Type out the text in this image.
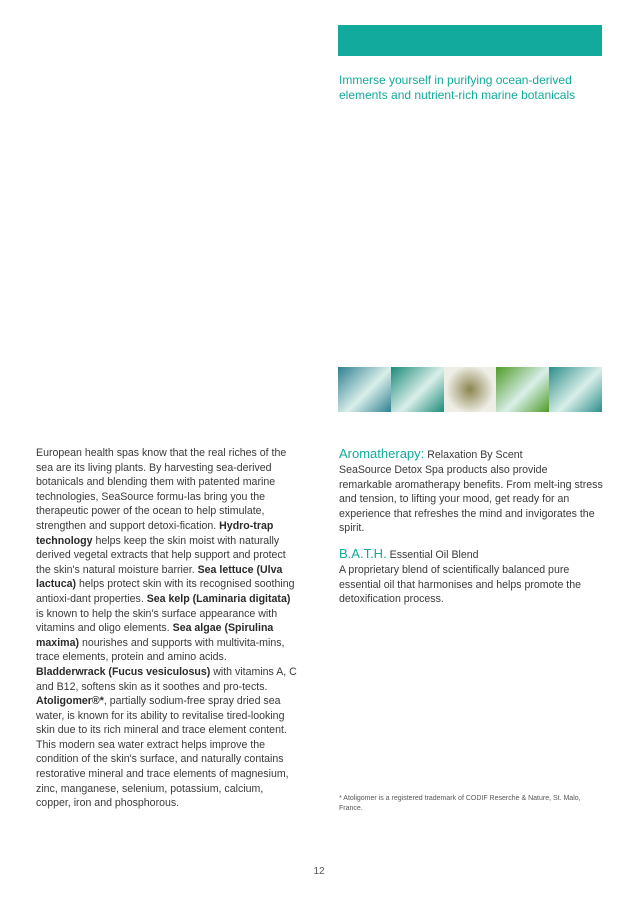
Immerse yourself in purifying ocean-derived elements and nutrient-rich marine botanicals
European health spas know that the real riches of the sea are its living plants. By harvesting sea-derived botanicals and blending them with patented marine technologies, SeaSource formu-las bring you the therapeutic power of the ocean to help stimulate, strengthen and support detoxi-fication. Hydro-trap technology helps keep the skin moist with naturally derived vegetal extracts that help support and protect the skin's natural moisture barrier. Sea lettuce (Ulva lactuca) helps protect skin with its recognised soothing antioxi-dant properties. Sea kelp (Laminaria digitata) is known to help the skin's surface appearance with vitamins and oligo elements. Sea algae (Spirulina maxima) nourishes and supports with multivita-mins, trace elements, protein and amino acids. Bladderwrack (Fucus vesiculosus) with vitamins A, C and B12, softens skin as it soothes and pro-tects. Atoligomer®*, partially sodium-free spray dried sea water, is known for its ability to revitalise tired-looking skin due to its rich mineral and trace element content. This modern sea water extract helps improve the condition of the skin's surface, and naturally contains restorative mineral and trace elements of magnesium, zinc, manganese, selenium, potassium, calcium, copper, iron and phosphorous.
Aromatherapy: Relaxation By Scent
SeaSource Detox Spa products also provide remarkable aromatherapy benefits. From melt-ing stress and tension, to lifting your mood, get ready for an experience that refreshes the mind and invigorates the spirit.
B.A.T.H. Essential Oil Blend
A proprietary blend of scientifically balanced pure essential oil that harmonises and helps promote the detoxification process.
* Atoligomer is a registered trademark of CODIF Reserche & Nature, St. Malo, France.
12
